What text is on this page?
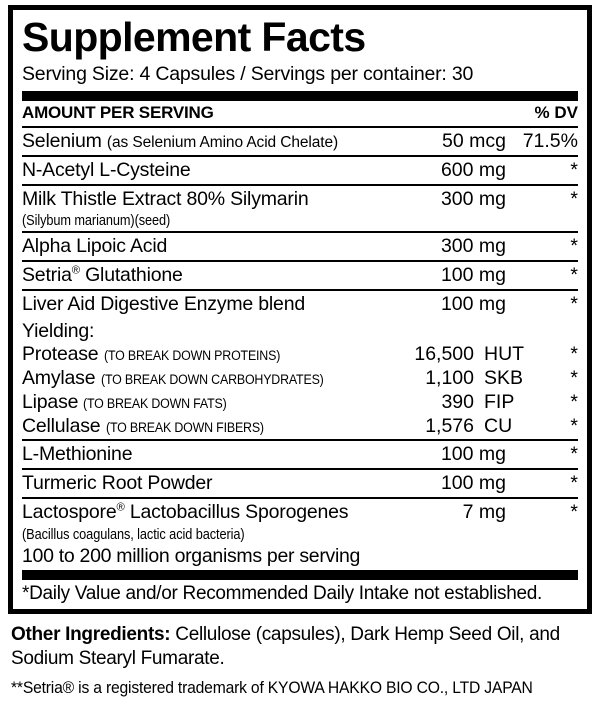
Supplement Facts
Serving Size: 4 Capsules / Servings per container: 30
AMOUNT PER SERVING	% DV
Selenium (as Selenium Amino Acid Chelate)	50 mcg 71.5%
N-Acetyl L-Cysteine	600 mg	*
Milk Thistle Extract 80% Silymarin	300 mg	*
(Silybum marianum)(seed)
Alpha Lipoic Acid	300 mg	*
Setria® Glutathione	100 mg	*
Liver Aid Digestive Enzyme blend	100 mg	*
Yielding:
Protease (TO BREAK DOWN PROTEINS)	16,500 HUT	*
Amylase (TO BREAK DOWN CARBOHYDRATES)	1,100 SKB	*
Lipase (TO BREAK DOWN FATS)	390 FIP	*
Cellulase (TO BREAK DOWN FIBERS)	1,576 CU	*
L-Methionine	100 mg	*
Turmeric Root Powder	100 mg	*
Lactospore® Lactobacillus Sporogenes	7 mg	*
(Bacillus coagulans, lactic acid bacteria)
100 to 200 million organisms per serving
*Daily Value and/or Recommended Daily Intake not established.
Other Ingredients: Cellulose (capsules), Dark Hemp Seed Oil, and Sodium Stearyl Fumarate.
**Setria® is a registered trademark of KYOWA HAKKO BIO CO., LTD JAPAN
